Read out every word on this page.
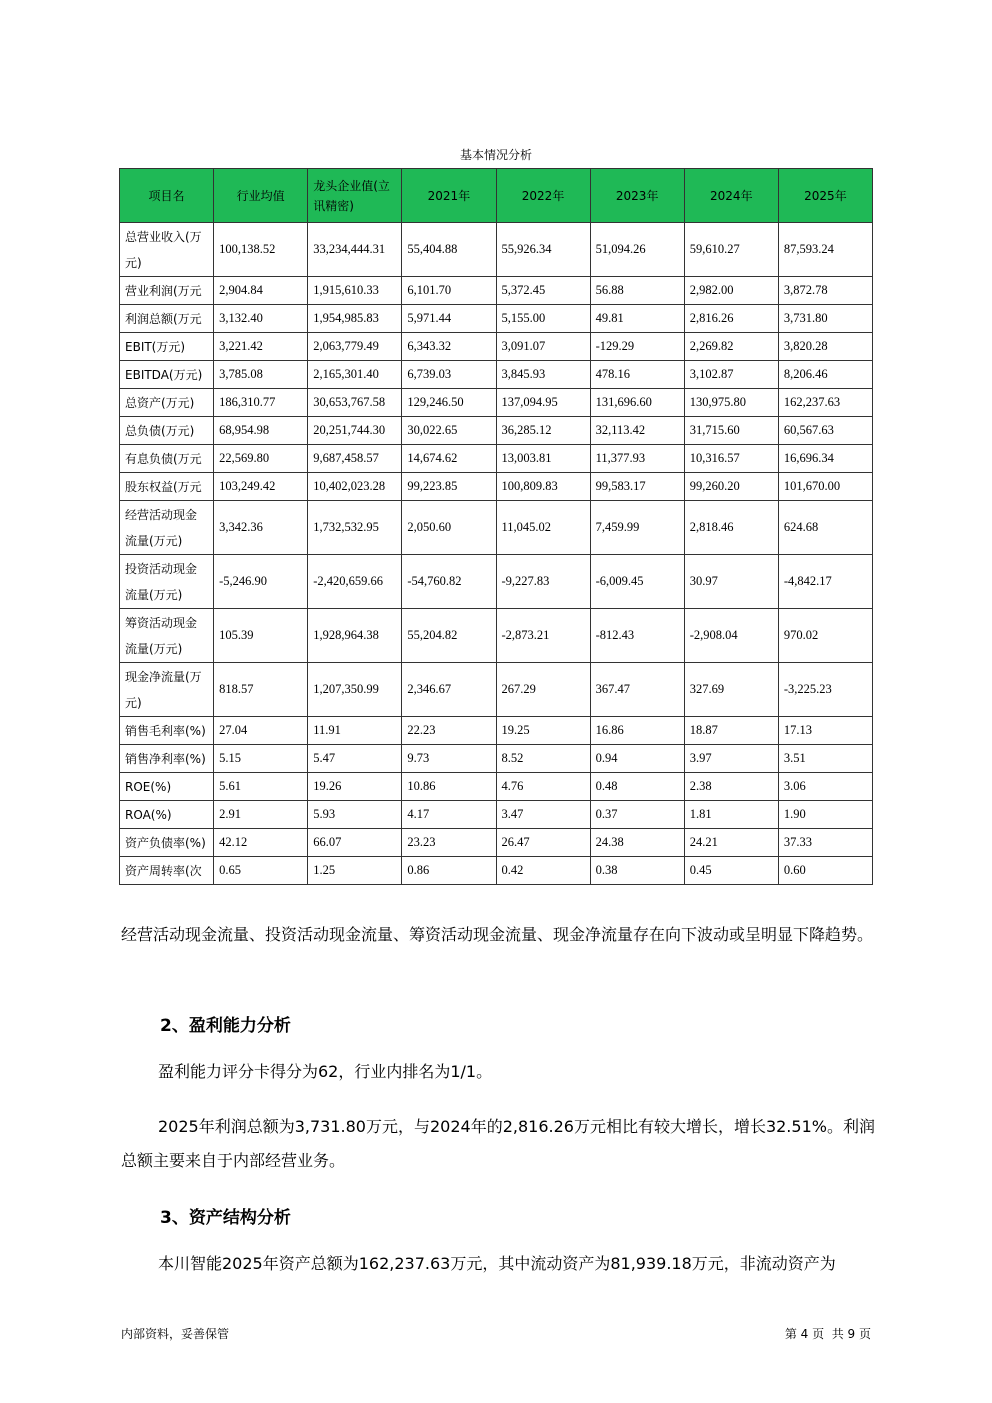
基本情况分析
项目名	行业均值	龙头企业值(立讯精密)	2021年	2022年	2023年	2024年	2025年
总营业收入(万元)	100,138.52	33,234,444.31	55,404.88	55,926.34	51,094.26	59,610.27	87,593.24
营业利润(万元	2,904.84	1,915,610.33	6,101.70	5,372.45	56.88	2,982.00	3,872.78
利润总额(万元	3,132.40	1,954,985.83	5,971.44	5,155.00	49.81	2,816.26	3,731.80
EBIT(万元)	3,221.42	2,063,779.49	6,343.32	3,091.07	-129.29	2,269.82	3,820.28
EBITDA(万元)	3,785.08	2,165,301.40	6,739.03	3,845.93	478.16	3,102.87	8,206.46
总资产(万元)	186,310.77	30,653,767.58	129,246.50	137,094.95	131,696.60	130,975.80	162,237.63
总负债(万元)	68,954.98	20,251,744.30	30,022.65	36,285.12	32,113.42	31,715.60	60,567.63
有息负债(万元	22,569.80	9,687,458.57	14,674.62	13,003.81	11,377.93	10,316.57	16,696.34
股东权益(万元	103,249.42	10,402,023.28	99,223.85	100,809.83	99,583.17	99,260.20	101,670.00
经营活动现金流量(万元)	3,342.36	1,732,532.95	2,050.60	11,045.02	7,459.99	2,818.46	624.68
投资活动现金流量(万元)	-5,246.90	-2,420,659.66	-54,760.82	-9,227.83	-6,009.45	30.97	-4,842.17
筹资活动现金流量(万元)	105.39	1,928,964.38	55,204.82	-2,873.21	-812.43	-2,908.04	970.02
现金净流量(万元)	818.57	1,207,350.99	2,346.67	267.29	367.47	327.69	-3,225.23
销售毛利率(%)	27.04	11.91	22.23	19.25	16.86	18.87	17.13
销售净利率(%)	5.15	5.47	9.73	8.52	0.94	3.97	3.51
ROE(%)	5.61	19.26	10.86	4.76	0.48	2.38	3.06
ROA(%)	2.91	5.93	4.17	3.47	0.37	1.81	1.90
资产负债率(%)	42.12	66.07	23.23	26.47	24.38	24.21	37.33
资产周转率(次	0.65	1.25	0.86	0.42	0.38	0.45	0.60
经营活动现金流量、投资活动现金流量、筹资活动现金流量、现金净流量存在向下波动或呈明显下降趋势。
2、盈利能力分析
盈利能力评分卡得分为62，行业内排名为1/1。
2025年利润总额为3,731.80万元，与2024年的2,816.26万元相比有较大增长，增长32.51%。利润总额主要来自于内部经营业务。
3、资产结构分析
本川智能2025年资产总额为162,237.63万元，其中流动资产为81,939.18万元，非流动资产为
内部资料，妥善保管	第 4 页  共 9 页
